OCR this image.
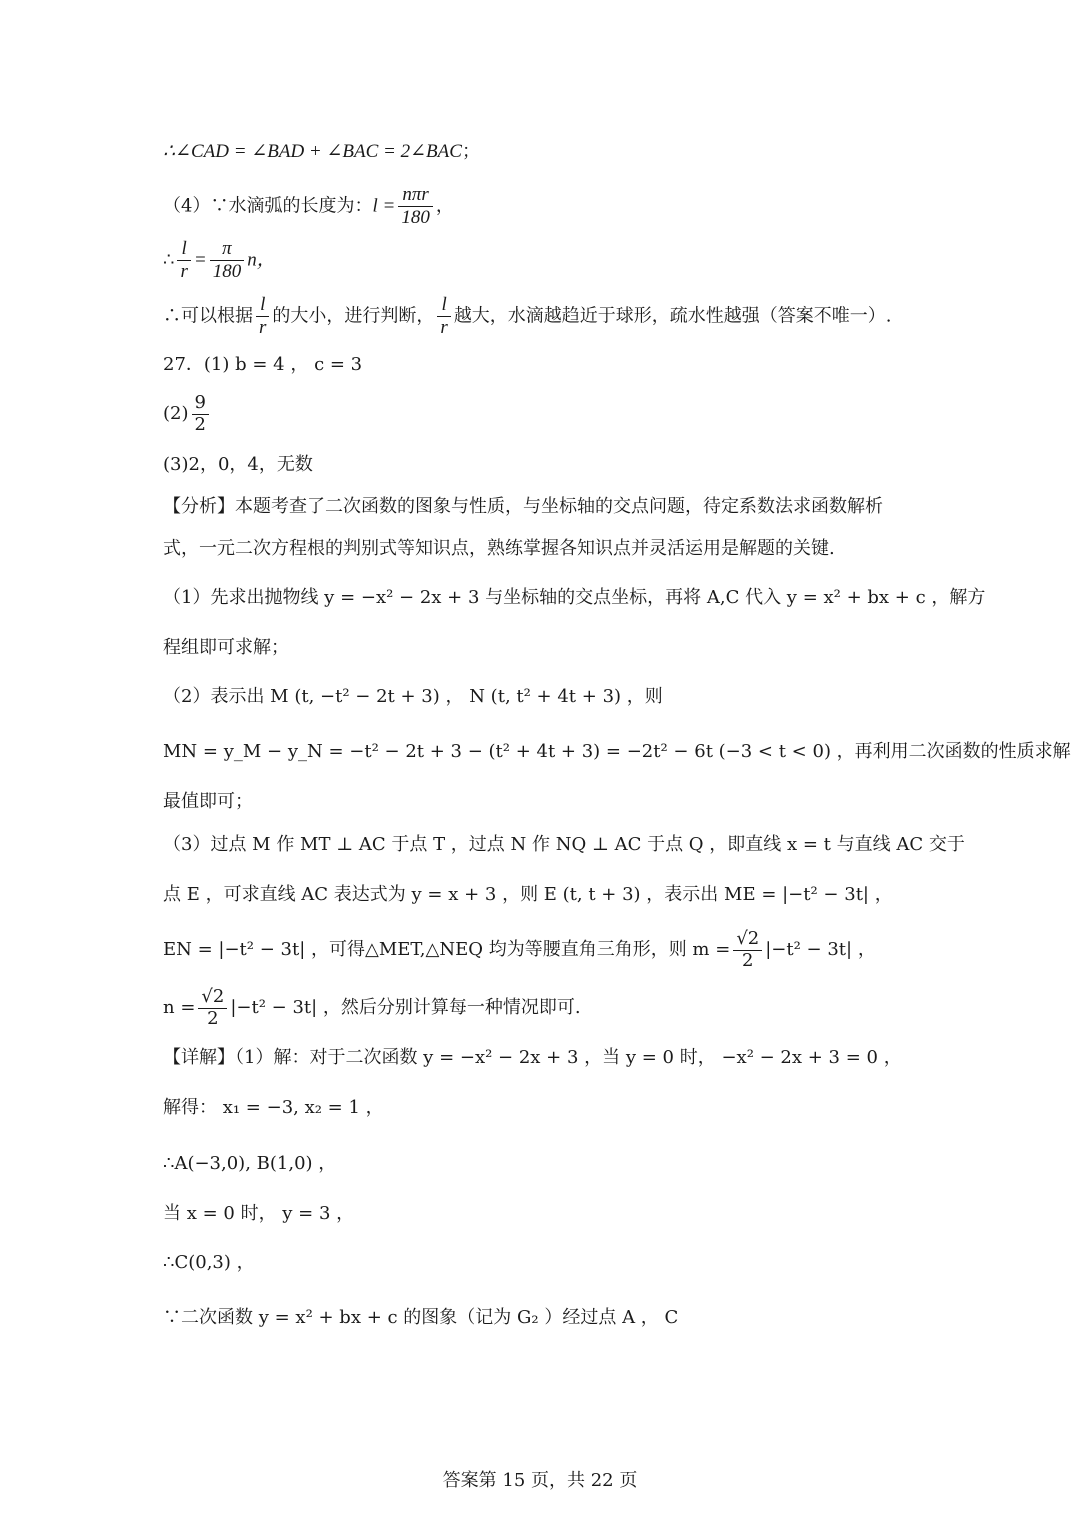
∴∠CAD = ∠BAD + ∠BAC = 2∠BAC；
（4）∵水滴弧的长度为：$l = \frac{\text{nπr}}{180}$ ，
∴ $\frac{l}{r} = \frac{\pi}{180}$ n，
∴可以根据 $\frac{l}{r}$ 的大小，进行判断， $\frac{l}{r}$ 越大，水滴越趋近于球形，疏水性越强（答案不唯一）.
27．(1) b = 4 ， c = 3
$(2) \frac{9}{2}$
(3)2，0，4，无数
【分析】本题考查了二次函数的图象与性质，与坐标轴的交点问题，待定系数法求函数解析
式，一元二次方程根的判别式等知识点，熟练掌握各知识点并灵活运用是解题的关键.
（1）先求出抛物线 y = −x² − 2x + 3 与坐标轴的交点坐标，再将 A,C 代入 y = x² + bx + c ，解方
程组即可求解；
（2）表示出 M (t, −t² − 2t + 3) ， N (t, t² + 4t + 3) ，则
MN = y_M − y_N = −t² − 2t + 3 − (t² + 4t + 3) = −2t² − 6t (−3 < t < 0) ，再利用二次函数的性质求解
最值即可；
（3）过点 M 作 MT ⊥ AC 于点 T ，过点 N 作 NQ ⊥ AC 于点 Q ，即直线 x = t 与直线 AC 交于
点 E ，可求直线 AC 表达式为 y = x + 3 ，则 E (t, t + 3) ，表示出 ME = |−t² − 3t| ，
EN = |−t² − 3t| ，可得△MET,△NEQ 均为等腰直角三角形，则 $m = \frac{√2}{2} |-t^2 - 3t|$ ，
$n = \frac{√2}{2} |-t^2 - 3t|$ ，然后分别计算每一种情况即可.
【详解】（1）解：对于二次函数 y = −x² − 2x + 3 ，当 y = 0 时， −x² − 2x + 3 = 0 ，
解得： x₁ = −3, x₂ = 1 ，
∴A(−3,0), B(1,0) ，
当 x = 0 时， y = 3 ，
∴C(0,3) ，
∵二次函数 y = x² + bx + c 的图象（记为 G₂ ）经过点 A ， C
答案第 15 页，共 22 页
